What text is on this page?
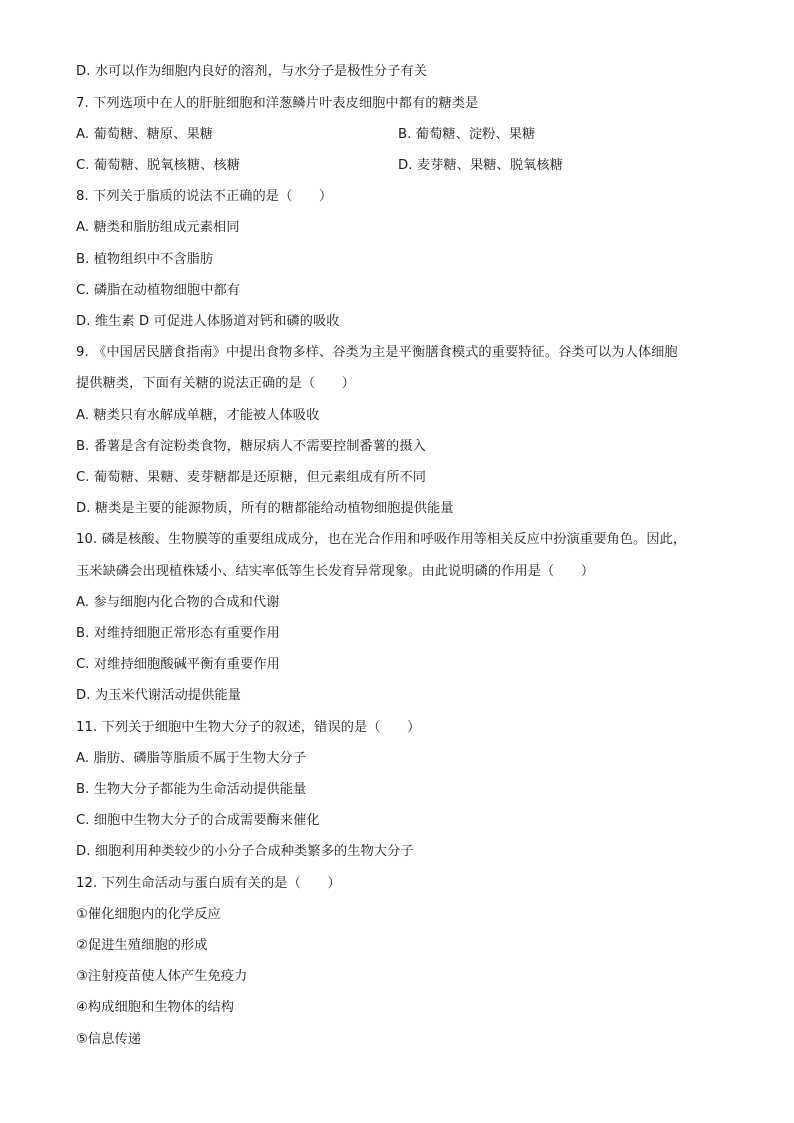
D. 水可以作为细胞内良好的溶剂，与水分子是极性分子有关
7. 下列选项中在人的肝脏细胞和洋葱鳞片叶表皮细胞中都有的糖类是
A. 葡萄糖、糖原、果糖	B. 葡萄糖、淀粉、果糖
C. 葡萄糖、脱氧核糖、核糖	D. 麦芽糖、果糖、脱氧核糖
8. 下列关于脂质的说法不正确的是（　　）
A. 糖类和脂肪组成元素相同
B. 植物组织中不含脂肪
C. 磷脂在动植物细胞中都有
D. 维生素 D 可促进人体肠道对钙和磷的吸收
9. 《中国居民膳食指南》中提出食物多样、谷类为主是平衡膳食模式的重要特征。谷类可以为人体细胞
提供糖类，下面有关糖的说法正确的是（　　）
A. 糖类只有水解成单糖，才能被人体吸收
B. 番薯是含有淀粉类食物，糖尿病人不需要控制番薯的摄入
C. 葡萄糖、果糖、麦芽糖都是还原糖，但元素组成有所不同
D. 糖类是主要的能源物质，所有的糖都能给动植物细胞提供能量
10. 磷是核酸、生物膜等的重要组成成分，也在光合作用和呼吸作用等相关反应中扮演重要角色。因此，
玉米缺磷会出现植株矮小、结实率低等生长发育异常现象。由此说明磷的作用是（　　）
A. 参与细胞内化合物的合成和代谢
B. 对维持细胞正常形态有重要作用
C. 对维持细胞酸碱平衡有重要作用
D. 为玉米代谢活动提供能量
11. 下列关于细胞中生物大分子的叙述，错误的是（　　）
A. 脂肪、磷脂等脂质不属于生物大分子
B. 生物大分子都能为生命活动提供能量
C. 细胞中生物大分子的合成需要酶来催化
D. 细胞利用种类较少的小分子合成种类繁多的生物大分子
12. 下列生命活动与蛋白质有关的是（　　）
①催化细胞内的化学反应
②促进生殖细胞的形成
③注射疫苗使人体产生免疫力
④构成细胞和生物体的结构
⑤信息传递
